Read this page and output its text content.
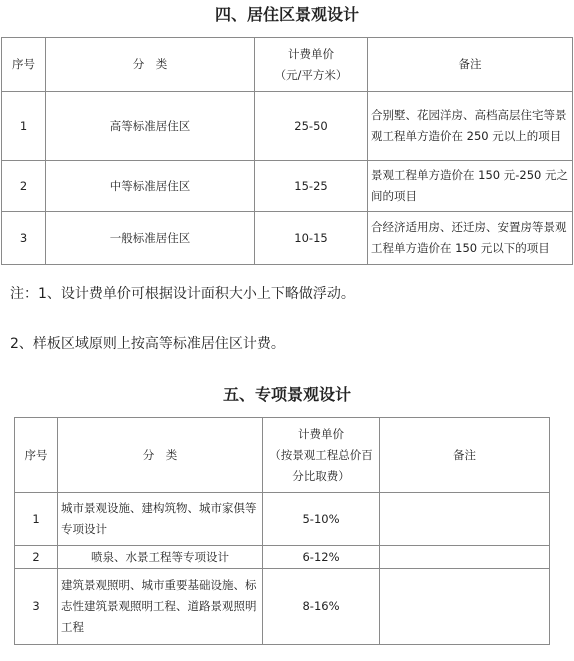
四、居住区景观设计
序号	分　类	计费单价
（元/平方米）	备注
1	高等标准居住区	25-50	合别墅、花园洋房、高档高层住宅等景观工程单方造价在 250 元以上的项目
2	中等标准居住区	15-25	景观工程单方造价在 150 元-250 元之间的项目
3	一般标准居住区	10-15	合经济适用房、还迁房、安置房等景观工程单方造价在 150 元以下的项目
注：1、设计费单价可根据设计面积大小上下略做浮动。
2、样板区域原则上按高等标准居住区计费。
五、专项景观设计
序号	分　类	计费单价
（按景观工程总价百
分比取费）	备注
1	城市景观设施、建构筑物、城市家俱等专项设计	5-10%	
2	喷泉、水景工程等专项设计	6-12%	
3	建筑景观照明、城市重要基础设施、标志性建筑景观照明工程、道路景观照明工程	8-16%	
